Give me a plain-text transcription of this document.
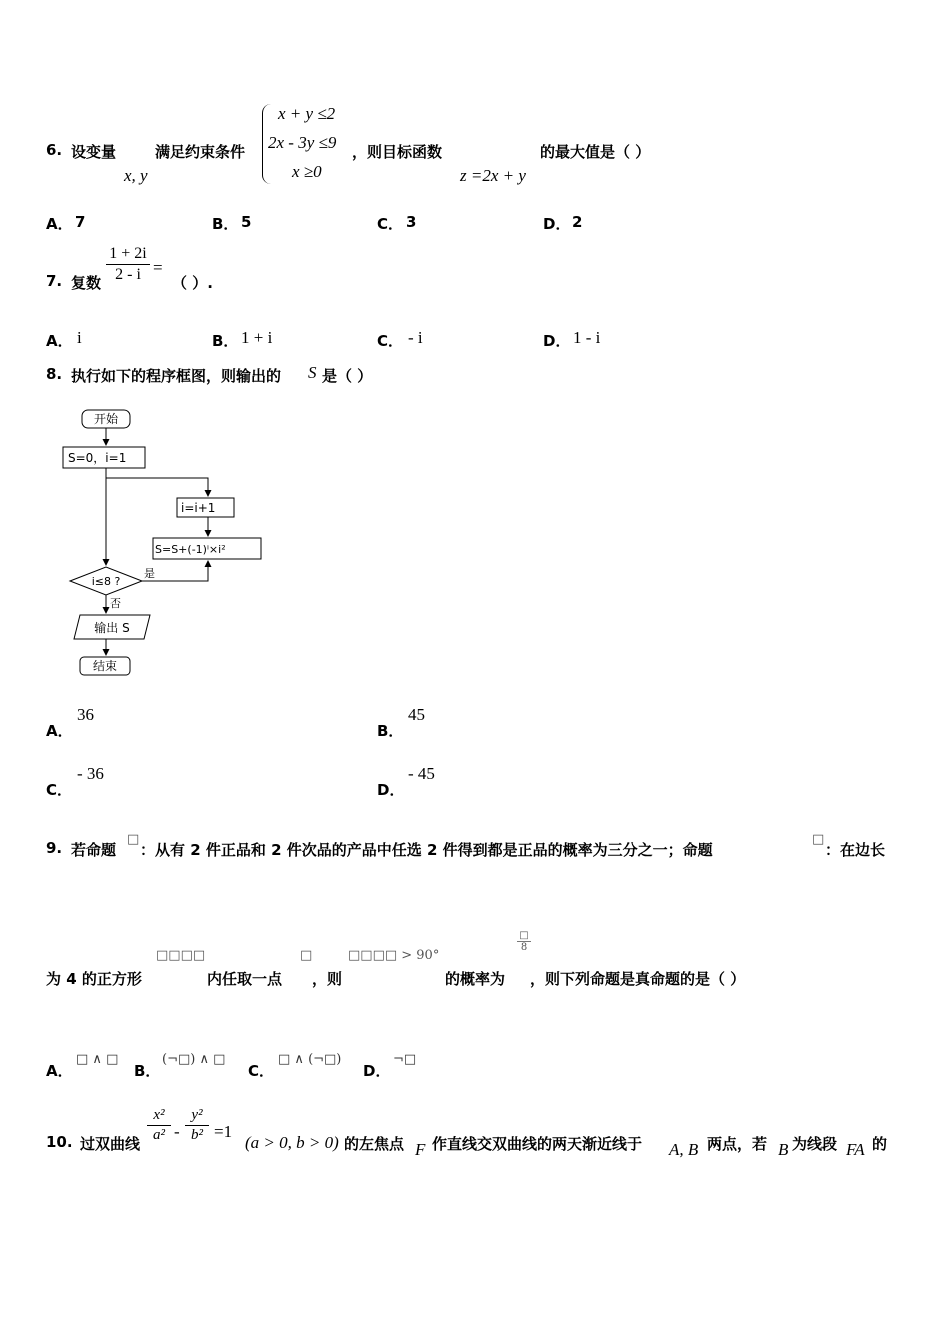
6. 设变量
x, y
满足约束条件
x + y ≤2
2x - 3y ≤9
x ≥0
，则目标函数
z =2x + y
的最大值是（ ）
A． 7	B． 5	C． 3	D． 2
7. 复数
1 + 2i
2 - i =
（ ）.
A． i	B． 1 + i	C． - i	D． 1 - i
8. 执行如下的程序框图，则输出的 S 是（ ）
开始
S=0，i=1
i=i+1
S=S+(-1)ⁱ×i²
i≤8 ?
是
否
输出 S
结束
A．
36
B．
45
C．
- 36
D．
- 45
9. 若命题
□
：从有 2 件正品和 2 件次品的产品中任选 2 件得到都是正品的概率为三分之一；命题
□
：在边长
为 4 的正方形
□□□□
内任取一点
□
，则
□□□□ > 90°
的概率为
□
8
，则下列命题是真命题的是（ ）
A．
□ ∧ □
B．
(¬□) ∧ □
C．
□ ∧ (¬□)
D．
¬□
10. 过双曲线
x²
a² -
y²
b² =1
(a > 0, b > 0) 的左焦点 F 作直线交双曲线的两天渐近线于 A, B 两点，若 B 为线段 FA 的
